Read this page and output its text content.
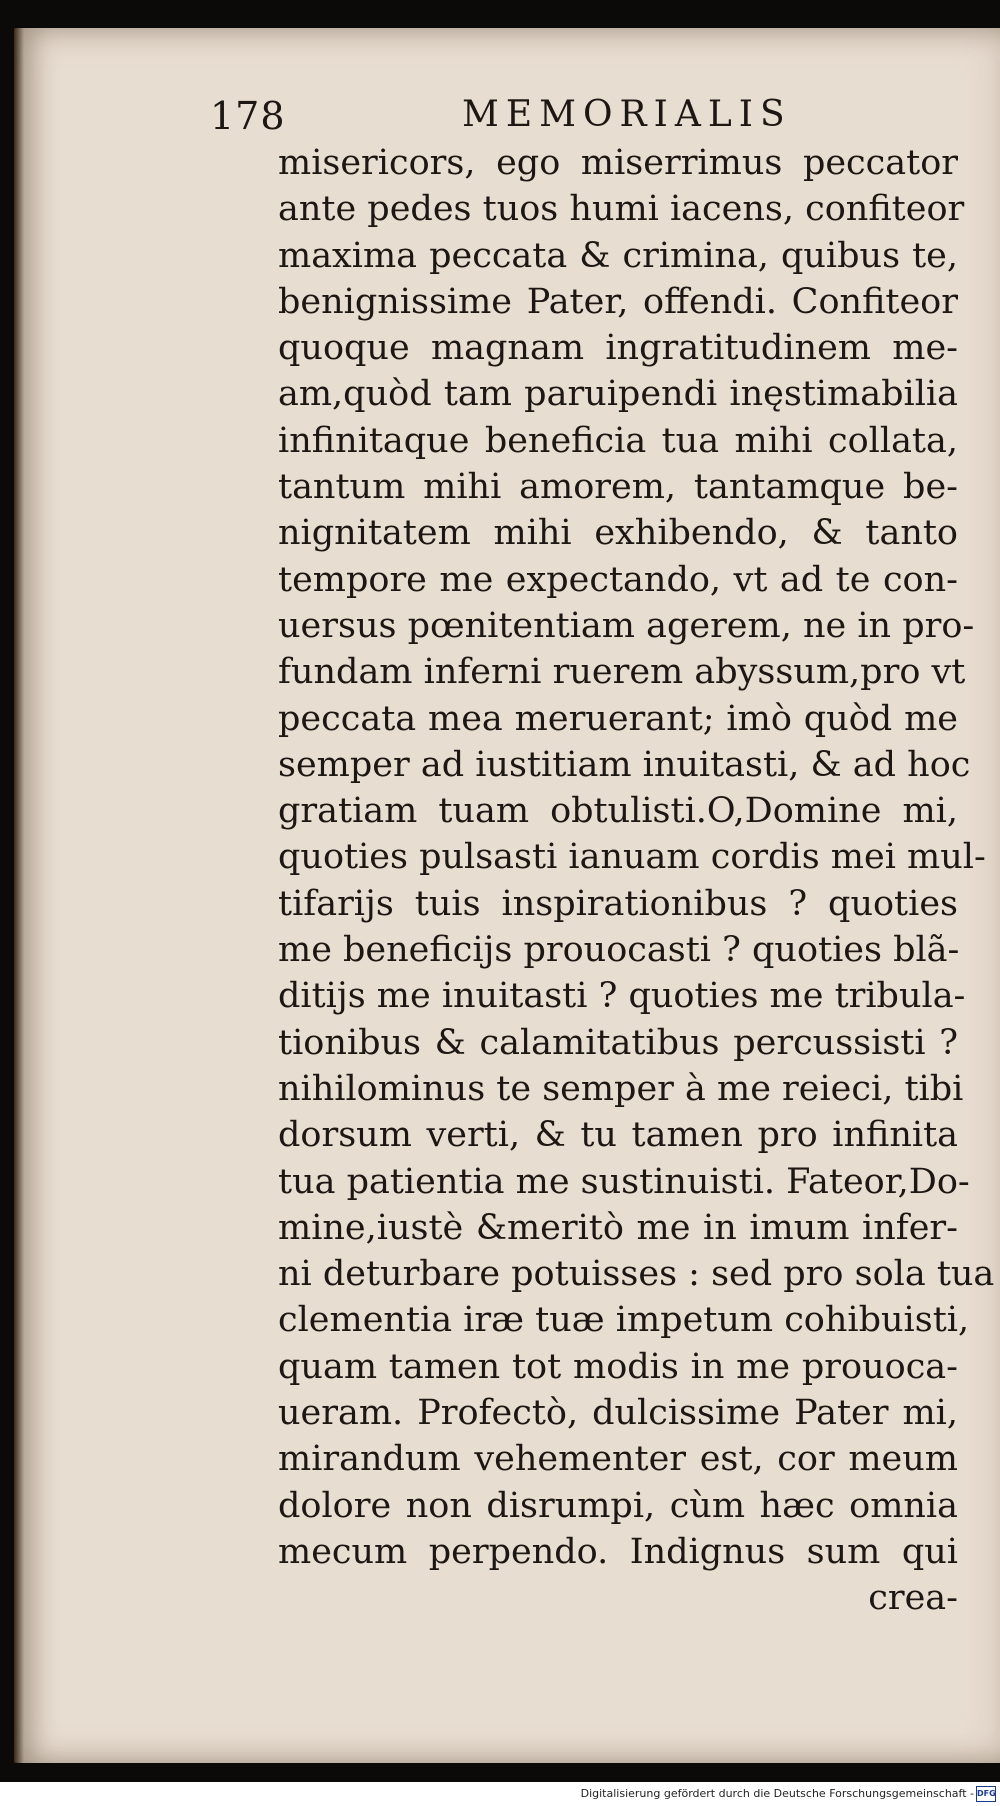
178	MEMORIALIS
misericors, ego miserrimus peccator
ante pedes tuos humi iacens, confiteor
maxima peccata & crimina, quibus te,
benignissime Pater, offendi. Confiteor
quoque magnam ingratitudinem me-
am,quòd tam paruipendi inęstimabilia
infinitaque beneficia tua mihi collata,
tantum mihi amorem, tantamque be-
nignitatem mihi exhibendo, & tanto
tempore me expectando, vt ad te con-
uersus pœnitentiam agerem, ne in pro-
fundam inferni ruerem abyssum,pro vt
peccata mea meruerant; imò quòd me
semper ad iustitiam inuitasti, & ad hoc
gratiam tuam obtulisti.O,Domine mi,
quoties pulsasti ianuam cordis mei mul-
tifarijs tuis inspirationibus ? quoties
me beneficijs prouocasti ? quoties blã-
ditijs me inuitasti ? quoties me tribula-
tionibus & calamitatibus percussisti ?
nihilominus te semper à me reieci, tibi
dorsum verti, & tu tamen pro infinita
tua patientia me sustinuisti. Fateor,Do-
mine,iustè &meritò me in imum infer-
ni deturbare potuisses : sed pro sola tua
clementia iræ tuæ impetum cohibuisti,
quam tamen tot modis in me prouoca-
ueram. Profectò, dulcissime Pater mi,
mirandum vehementer est, cor meum
dolore non disrumpi, cùm hæc omnia
mecum perpendo. Indignus sum qui
crea-
Digitalisierung gefördert durch die Deutsche Forschungsgemeinschaft - DFG
